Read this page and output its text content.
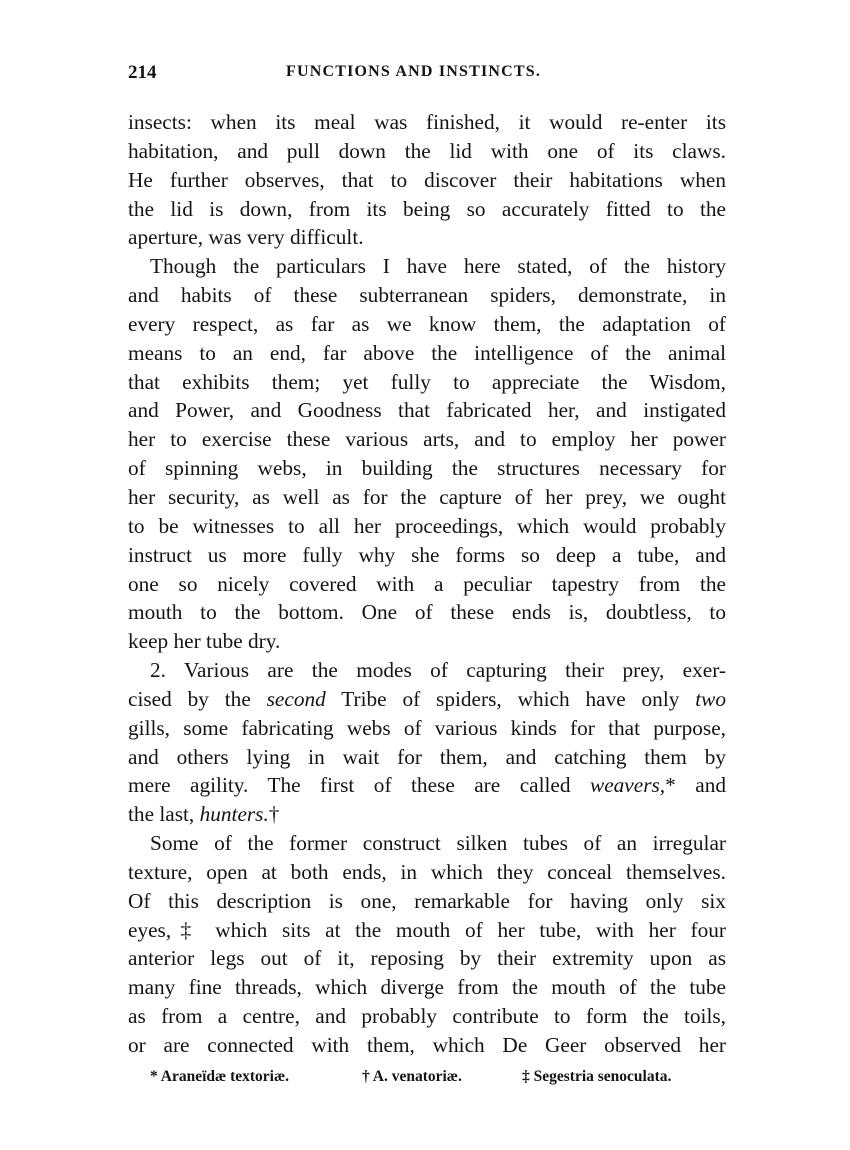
214	FUNCTIONS AND INSTINCTS.
insects: when its meal was finished, it would re-enter its
habitation, and pull down the lid with one of its claws.
He further observes, that to discover their habitations when
the lid is down, from its being so accurately fitted to the
aperture, was very difficult.
Though the particulars I have here stated, of the history
and habits of these subterranean spiders, demonstrate, in
every respect, as far as we know them, the adaptation of
means to an end, far above the intelligence of the animal
that exhibits them; yet fully to appreciate the Wisdom,
and Power, and Goodness that fabricated her, and instigated
her to exercise these various arts, and to employ her power
of spinning webs, in building the structures necessary for
her security, as well as for the capture of her prey, we ought
to be witnesses to all her proceedings, which would probably
instruct us more fully why she forms so deep a tube, and
one so nicely covered with a peculiar tapestry from the
mouth to the bottom. One of these ends is, doubtless, to
keep her tube dry.
2. Various are the modes of capturing their prey, exer-
cised by the second Tribe of spiders, which have only two
gills, some fabricating webs of various kinds for that purpose,
and others lying in wait for them, and catching them by
mere agility. The first of these are called weavers,* and
the last, hunters.†
Some of the former construct silken tubes of an irregular
texture, open at both ends, in which they conceal themselves.
Of this description is one, remarkable for having only six
eyes,‡ which sits at the mouth of her tube, with her four
anterior legs out of it, reposing by their extremity upon as
many fine threads, which diverge from the mouth of the tube
as from a centre, and probably contribute to form the toils,
or are connected with them, which De Geer observed her
* Araneïdæ textoriæ.	† A. venatoriæ.	‡ Segestria senoculata.
